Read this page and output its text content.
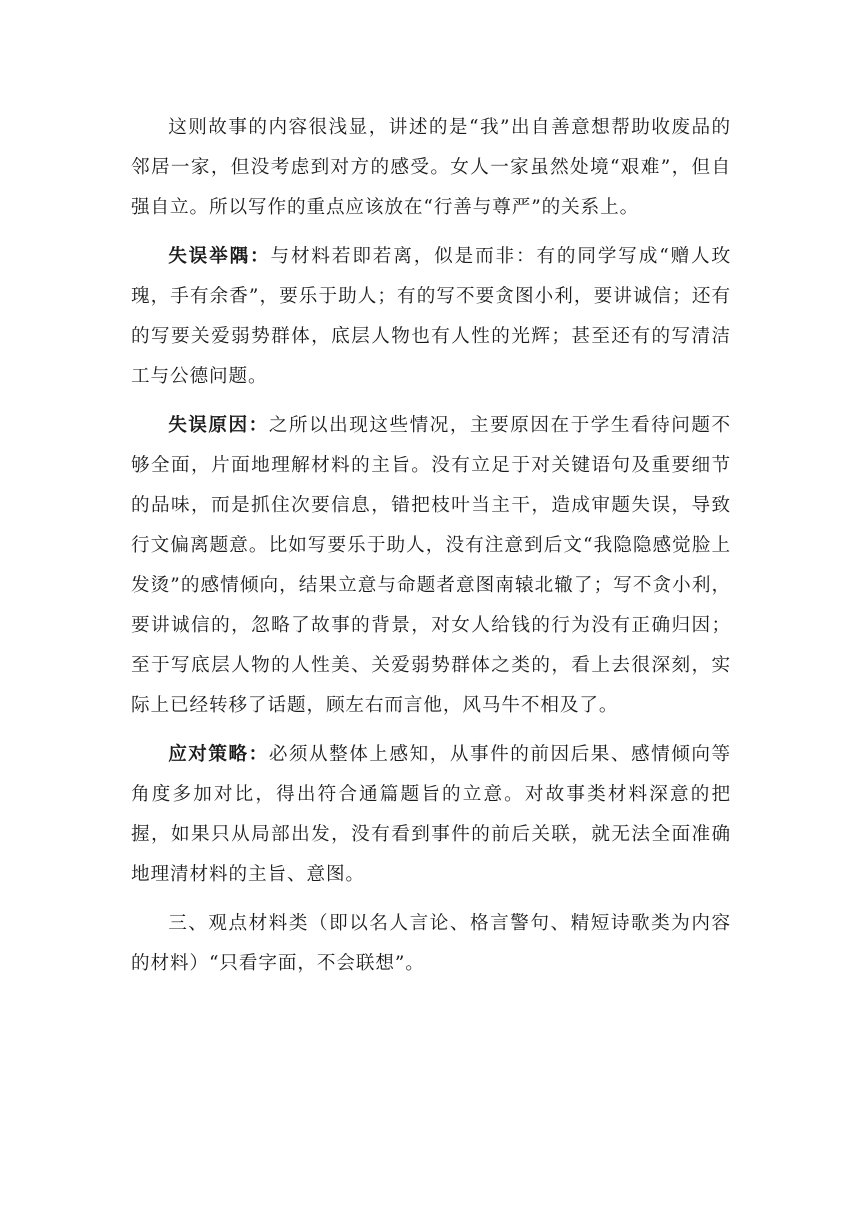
这则故事的内容很浅显，讲述的是“我”出自善意想帮助收废品的邻居一家，但没考虑到对方的感受。女人一家虽然处境“艰难”，但自强自立。所以写作的重点应该放在“行善与尊严”的关系上。

失误举隅：与材料若即若离，似是而非：有的同学写成“赠人玫瑰，手有余香”，要乐于助人；有的写不要贪图小利，要讲诚信；还有的写要关爱弱势群体，底层人物也有人性的光辉；甚至还有的写清洁工与公德问题。

失误原因：之所以出现这些情况，主要原因在于学生看待问题不够全面，片面地理解材料的主旨。没有立足于对关键语句及重要细节的品味，而是抓住次要信息，错把枝叶当主干，造成审题失误，导致行文偏离题意。比如写要乐于助人，没有注意到后文“我隐隐感觉脸上发烫”的感情倾向，结果立意与命题者意图南辕北辙了；写不贪小利，要讲诚信的，忽略了故事的背景，对女人给钱的行为没有正确归因；至于写底层人物的人性美、关爱弱势群体之类的，看上去很深刻，实际上已经转移了话题，顾左右而言他，风马牛不相及了。

应对策略：必须从整体上感知，从事件的前因后果、感情倾向等角度多加对比，得出符合通篇题旨的立意。对故事类材料深意的把握，如果只从局部出发，没有看到事件的前后关联，就无法全面准确地理清材料的主旨、意图。

三、观点材料类（即以名人言论、格言警句、精短诗歌类为内容的材料）“只看字面，不会联想”。
